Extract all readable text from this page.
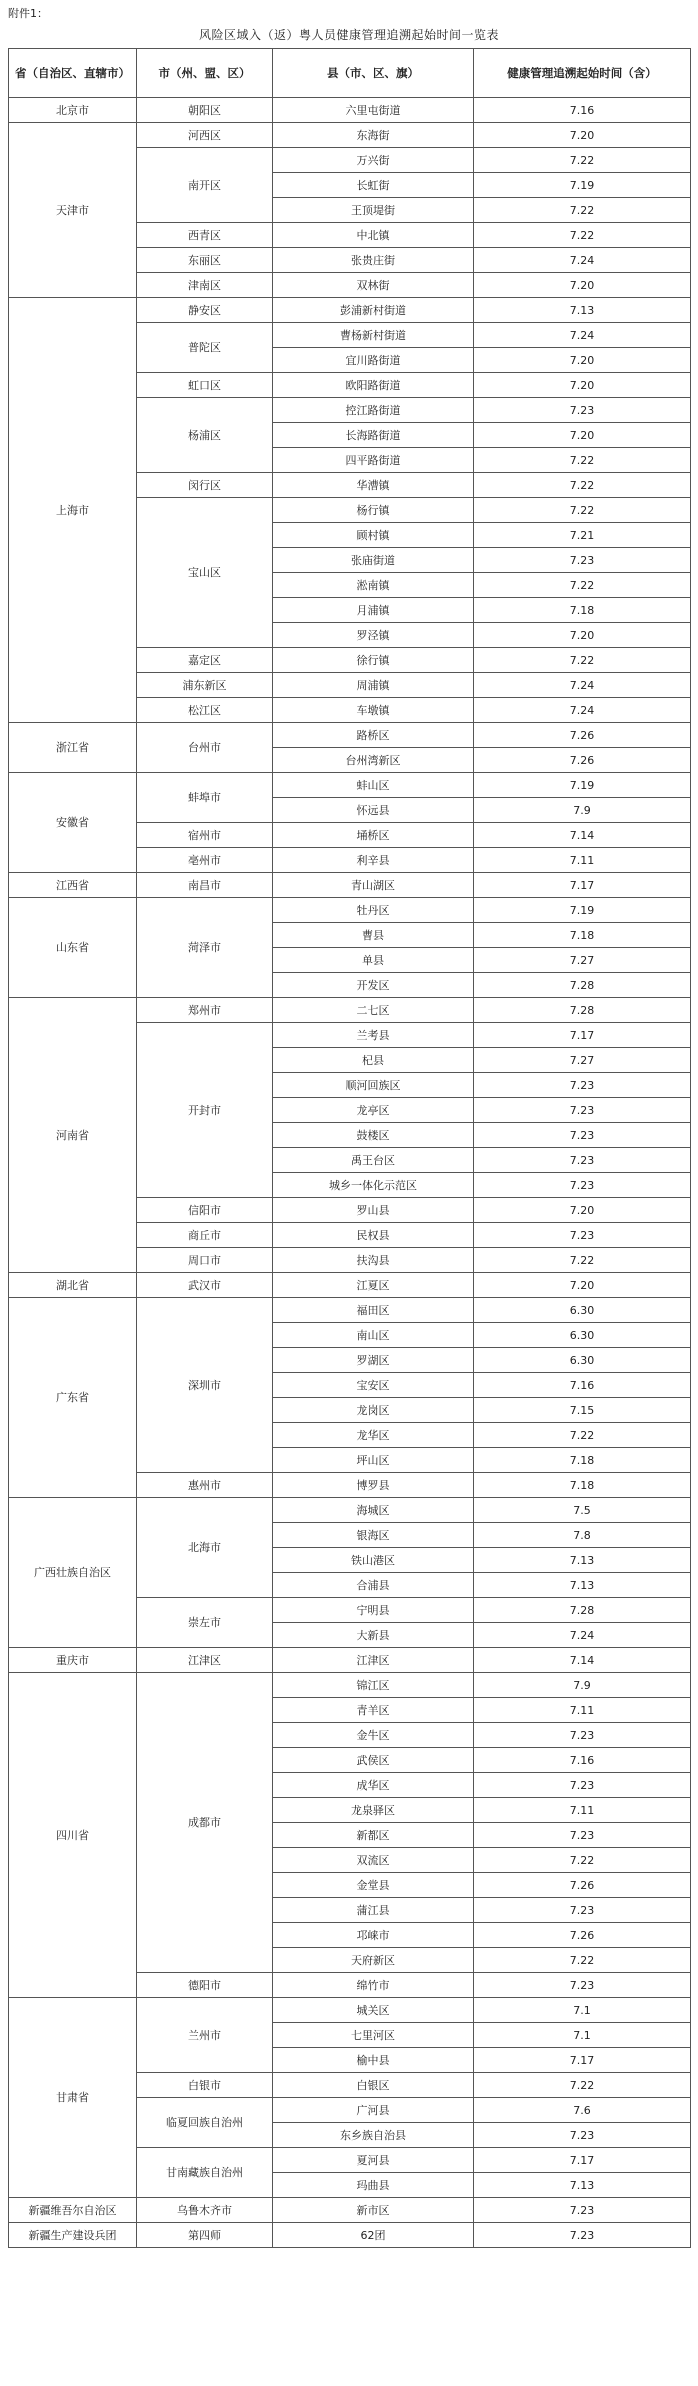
附件1：
风险区域入（返）粤人员健康管理追溯起始时间一览表
省（自治区、直辖市）	市（州、盟、区）	县（市、区、旗）	健康管理追溯起始时间（含）
北京市	朝阳区	六里屯街道	7.16
天津市	河西区	东海街	7.20
	南开区	万兴街	7.22
		长虹街	7.19
		王顶堤街	7.22
	西青区	中北镇	7.22
	东丽区	张贵庄街	7.24
	津南区	双林街	7.20
上海市	静安区	彭浦新村街道	7.13
	普陀区	曹杨新村街道	7.24
		宜川路街道	7.20
	虹口区	欧阳路街道	7.20
	杨浦区	控江路街道	7.23
		长海路街道	7.20
		四平路街道	7.22
	闵行区	华漕镇	7.22
	宝山区	杨行镇	7.22
		顾村镇	7.21
		张庙街道	7.23
		淞南镇	7.22
		月浦镇	7.18
		罗泾镇	7.20
	嘉定区	徐行镇	7.22
	浦东新区	周浦镇	7.24
	松江区	车墩镇	7.24
浙江省	台州市	路桥区	7.26
		台州湾新区	7.26
安徽省	蚌埠市	蚌山区	7.19
		怀远县	7.9
	宿州市	埇桥区	7.14
	亳州市	利辛县	7.11
江西省	南昌市	青山湖区	7.17
山东省	菏泽市	牡丹区	7.19
		曹县	7.18
		单县	7.27
		开发区	7.28
河南省	郑州市	二七区	7.28
	开封市	兰考县	7.17
		杞县	7.27
		顺河回族区	7.23
		龙亭区	7.23
		鼓楼区	7.23
		禹王台区	7.23
		城乡一体化示范区	7.23
	信阳市	罗山县	7.20
	商丘市	民权县	7.23
	周口市	扶沟县	7.22
湖北省	武汉市	江夏区	7.20
广东省	深圳市	福田区	6.30
		南山区	6.30
		罗湖区	6.30
		宝安区	7.16
		龙岗区	7.15
		龙华区	7.22
		坪山区	7.18
	惠州市	博罗县	7.18
广西壮族自治区	北海市	海城区	7.5
		银海区	7.8
		铁山港区	7.13
		合浦县	7.13
	崇左市	宁明县	7.28
		大新县	7.24
重庆市	江津区	江津区	7.14
四川省	成都市	锦江区	7.9
		青羊区	7.11
		金牛区	7.23
		武侯区	7.16
		成华区	7.23
		龙泉驿区	7.11
		新都区	7.23
		双流区	7.22
		金堂县	7.26
		蒲江县	7.23
		邛崃市	7.26
		天府新区	7.22
	德阳市	绵竹市	7.23
甘肃省	兰州市	城关区	7.1
		七里河区	7.1
		榆中县	7.17
	白银市	白银区	7.22
	临夏回族自治州	广河县	7.6
		东乡族自治县	7.23
	甘南藏族自治州	夏河县	7.17
		玛曲县	7.13
新疆维吾尔自治区	乌鲁木齐市	新市区	7.23
新疆生产建设兵团	第四师	62团	7.23
